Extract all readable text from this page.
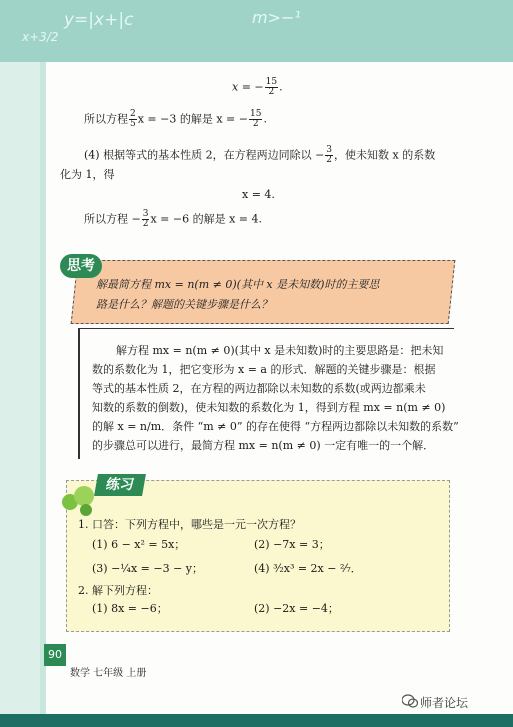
y=|x+|c	m>−¹
x+3/2
x = − $\frac{15}{2}$ .
所以方程 $\frac{2}{5}$ x = −3 的解是 x = − $\frac{15}{2}$ .
(4) 根据等式的基本性质 2，在方程两边同除以 − $\frac{3}{2}$ ，使未知数 x 的系数
化为 1，得
x = 4.
所以方程 − $\frac{3}{2}$ x = −6 的解是 x = 4.
思考
解最简方程 mx = n(m ≠ 0)(其中 x 是未知数)时的主要思
路是什么？解题的关键步骤是什么？
解方程 mx = n(m ≠ 0)(其中 x 是未知数)时的主要思路是：把未知
数的系数化为 1，把它变形为 x = a 的形式．解题的关键步骤是：根据
等式的基本性质 2，在方程的两边都除以未知数的系数(或两边都乘未
知数的系数的倒数)，使未知数的系数化为 1，得到方程 mx = n(m ≠ 0)
的解 x = n/m．条件 “m ≠ 0” 的存在使得 “方程两边都除以未知数的系数”
的步骤总可以进行，最简方程 mx = n(m ≠ 0) 一定有唯一的一个解．
练习
1. 口答：下列方程中，哪些是一元一次方程？
(1) 6 − x² = 5x；	(2) −7x = 3；
(3) −¼x = −3 − y；	(4) ³⁄₂x³ = 2x − ²⁄₇．
2. 解下列方程：
(1) 8x = −6；	(2) −2x = −4；
90
数学 七年级 上册
师者论坛
